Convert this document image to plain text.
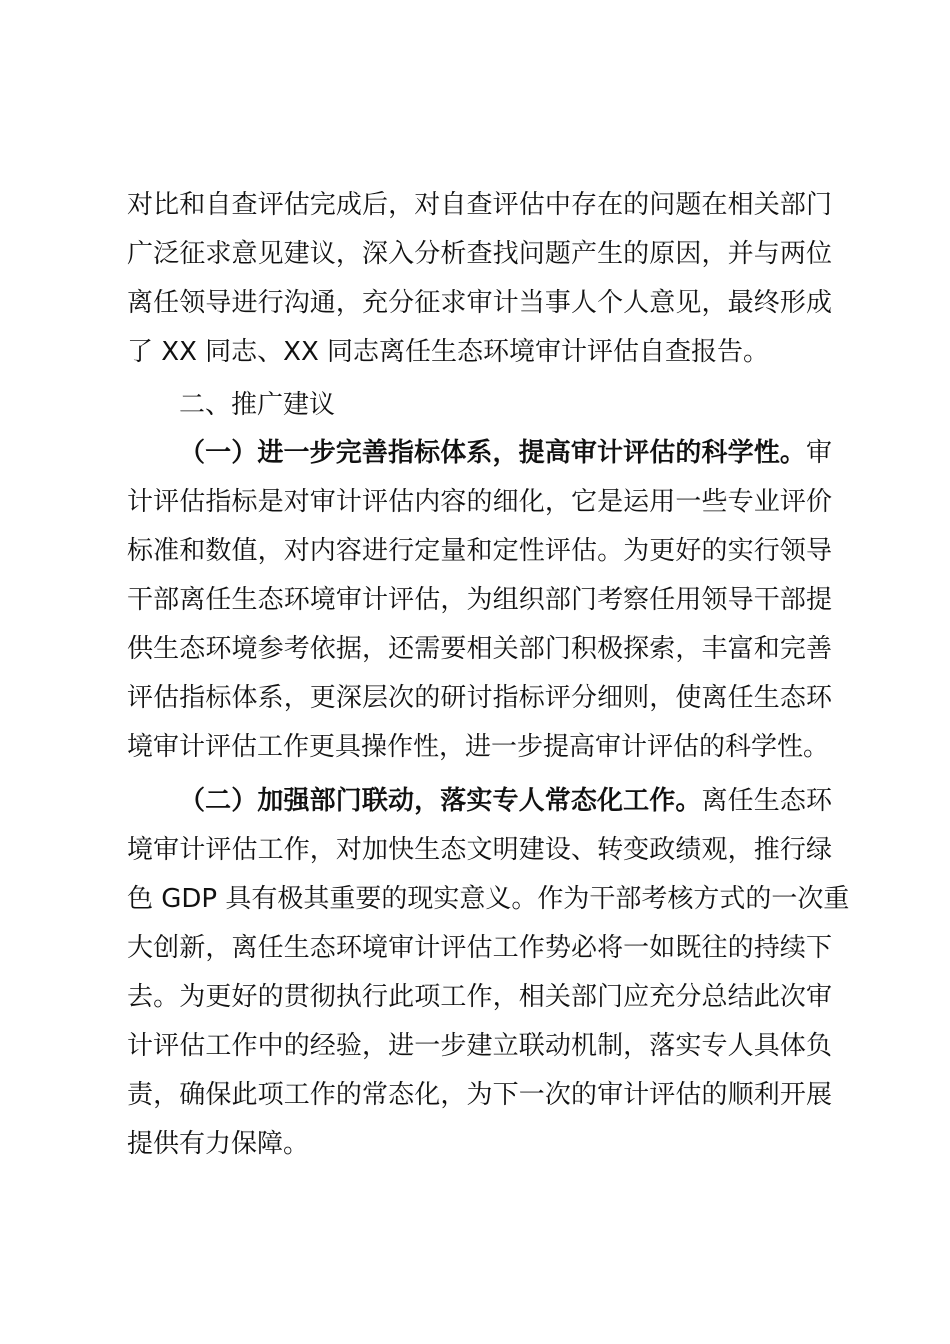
对比和自查评估完成后，对自查评估中存在的问题在相关部门
广泛征求意见建议，深入分析查找问题产生的原因，并与两位
离任领导进行沟通，充分征求审计当事人个人意见，最终形成
了 XX 同志、XX 同志离任生态环境审计评估自查报告。
二、推广建议
（一）进一步完善指标体系，提高审计评估的科学性。审
计评估指标是对审计评估内容的细化，它是运用一些专业评价
标准和数值，对内容进行定量和定性评估。为更好的实行领导
干部离任生态环境审计评估，为组织部门考察任用领导干部提
供生态环境参考依据，还需要相关部门积极探索，丰富和完善
评估指标体系，更深层次的研讨指标评分细则，使离任生态环
境审计评估工作更具操作性，进一步提高审计评估的科学性。
（二）加强部门联动，落实专人常态化工作。离任生态环
境审计评估工作，对加快生态文明建设、转变政绩观，推行绿
色 GDP 具有极其重要的现实意义。作为干部考核方式的一次重
大创新，离任生态环境审计评估工作势必将一如既往的持续下
去。为更好的贯彻执行此项工作，相关部门应充分总结此次审
计评估工作中的经验，进一步建立联动机制，落实专人具体负
责，确保此项工作的常态化，为下一次的审计评估的顺利开展
提供有力保障。
